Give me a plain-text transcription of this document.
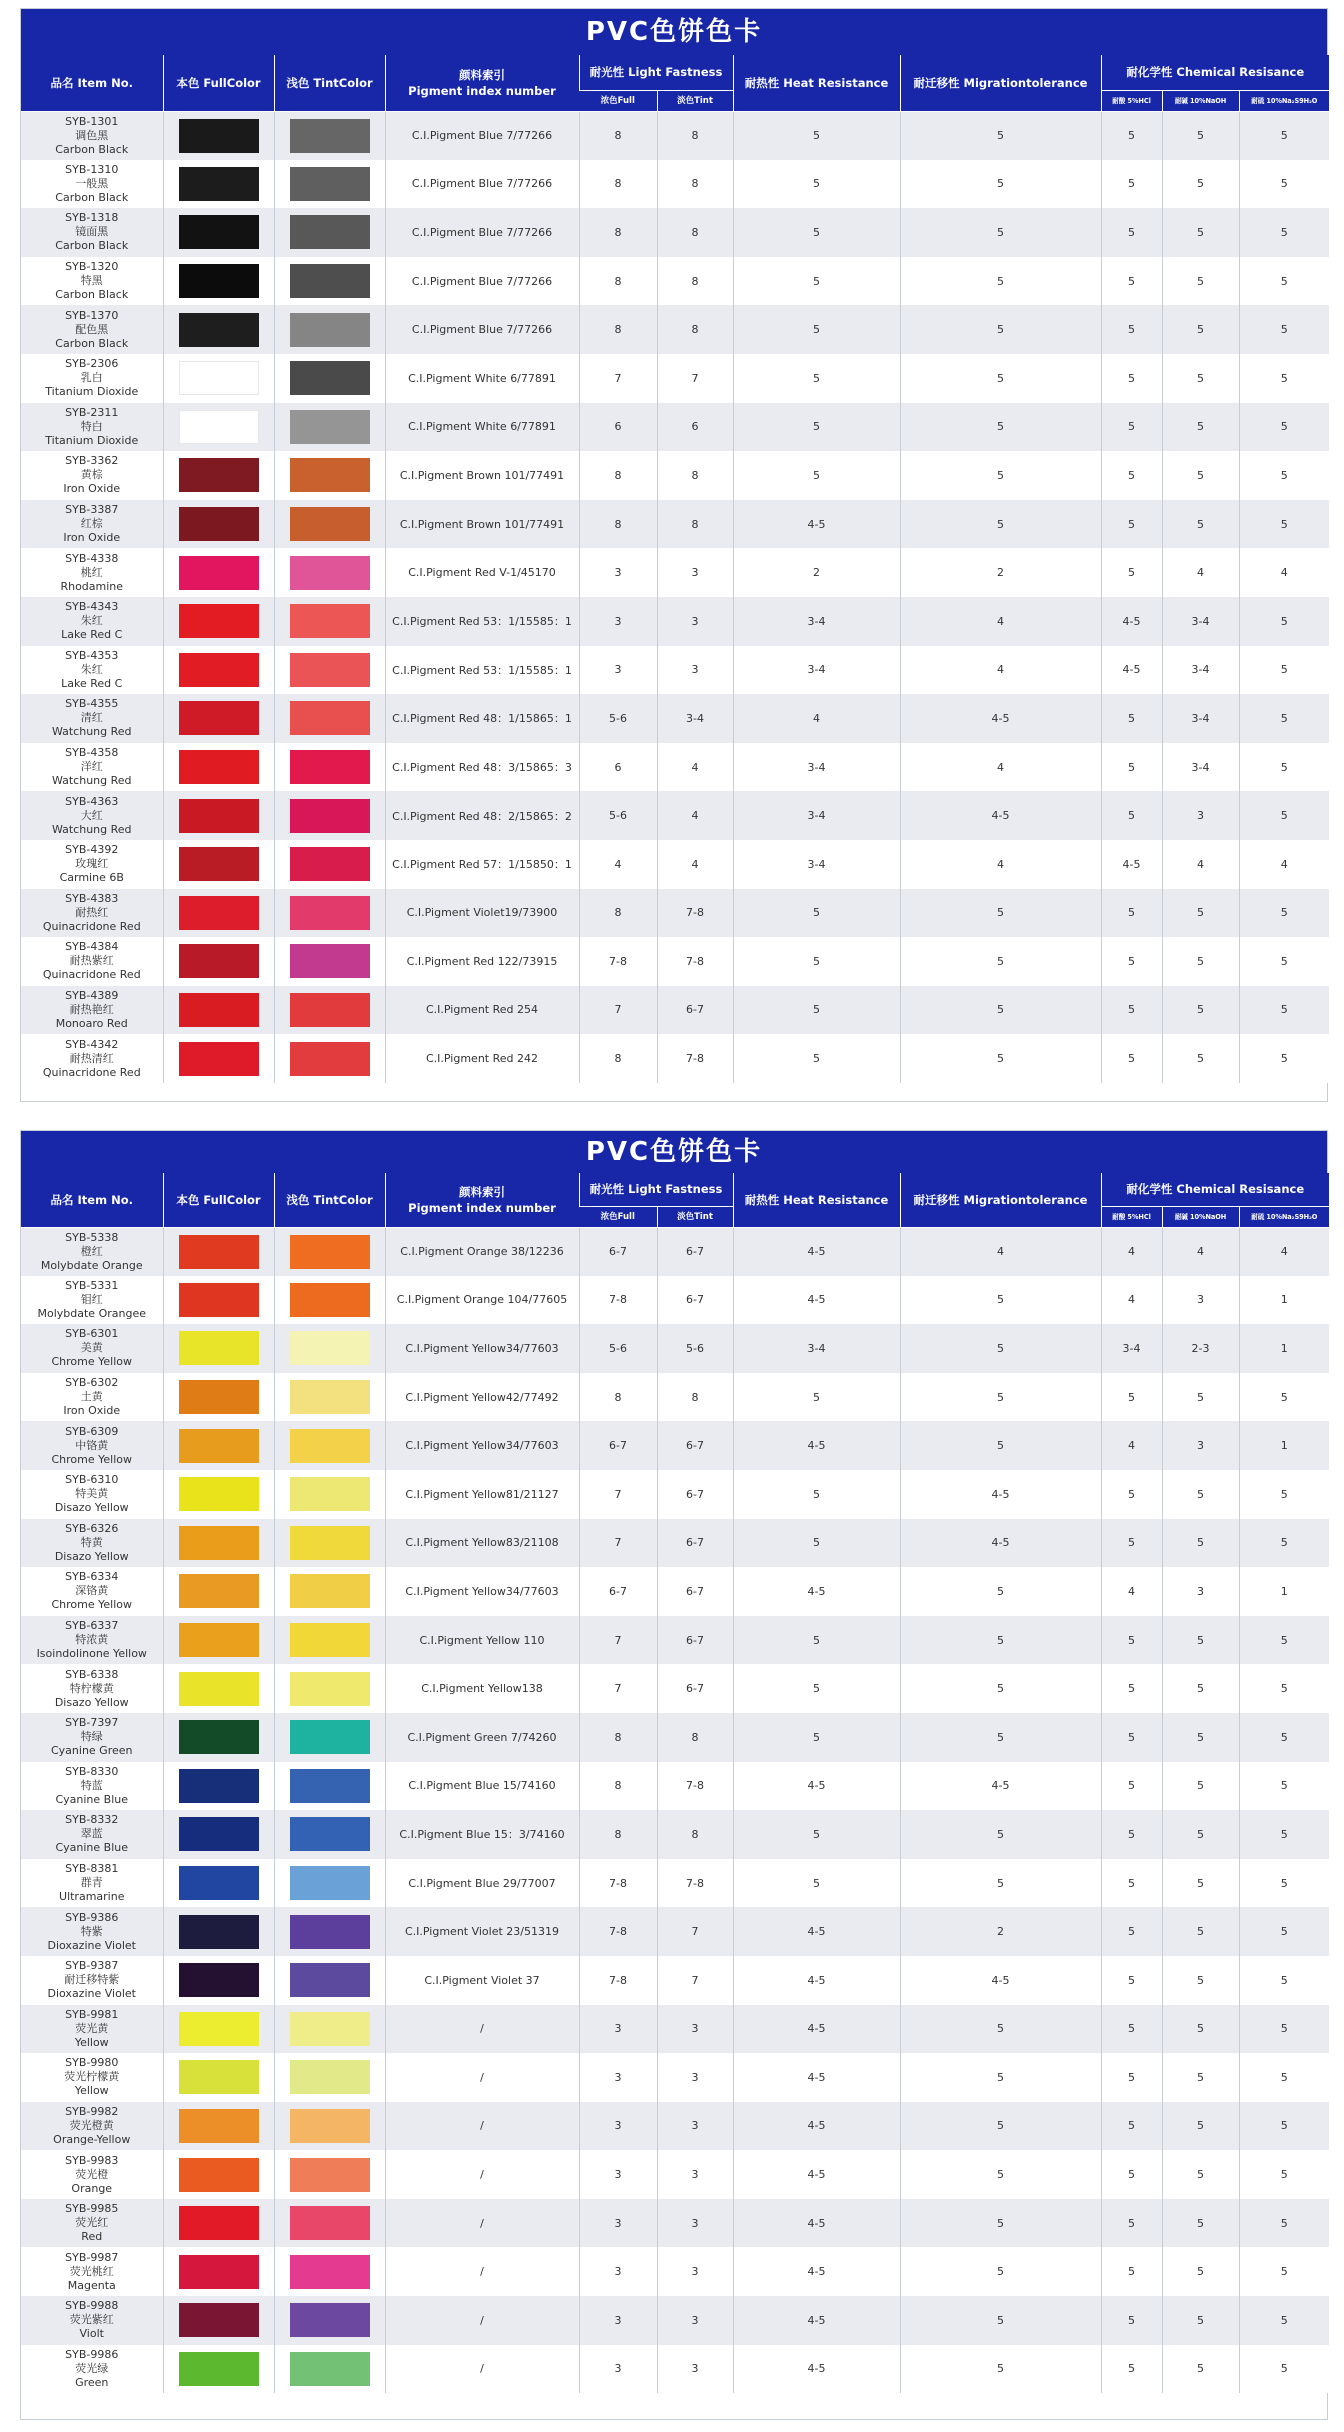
PVC色饼色卡
品名 Item No.	本色 FullColor	浅色 TintColor	颜料索引
Pigment index number	耐光性 Light Fastness		耐热性 Heat Resistance	耐迁移性 Migrationtolerance	耐化学性 Chemical Resisance		
				浓色Full	淡色Tint			耐酸 5%HCl	耐碱 10%NaOH	耐硫 10%Na₂S9H₂O

SYB-1301
调色黑
Carbon Black			C.I.Pigment Blue 7/77266	8	8	5	5	5	5	5

SYB-1310
一般黑
Carbon Black			C.I.Pigment Blue 7/77266	8	8	5	5	5	5	5

SYB-1318
镜面黑
Carbon Black			C.I.Pigment Blue 7/77266	8	8	5	5	5	5	5

SYB-1320
特黑
Carbon Black			C.I.Pigment Blue 7/77266	8	8	5	5	5	5	5

SYB-1370
配色黑
Carbon Black			C.I.Pigment Blue 7/77266	8	8	5	5	5	5	5

SYB-2306
乳白
Titanium Dioxide			C.I.Pigment White 6/77891	7	7	5	5	5	5	5

SYB-2311
特白
Titanium Dioxide			C.I.Pigment White 6/77891	6	6	5	5	5	5	5

SYB-3362
黄棕
Iron Oxide			C.I.Pigment Brown 101/77491	8	8	5	5	5	5	5

SYB-3387
红棕
Iron Oxide			C.I.Pigment Brown 101/77491	8	8	4-5	5	5	5	5

SYB-4338
桃红
Rhodamine			C.I.Pigment Red V-1/45170	3	3	2	2	5	4	4

SYB-4343
朱红
Lake Red C			C.I.Pigment Red 53：1/15585：1	3	3	3-4	4	4-5	3-4	5

SYB-4353
朱红
Lake Red C			C.I.Pigment Red 53：1/15585：1	3	3	3-4	4	4-5	3-4	5

SYB-4355
清红
Watchung Red			C.I.Pigment Red 48：1/15865：1	5-6	3-4	4	4-5	5	3-4	5

SYB-4358
洋红
Watchung Red			C.I.Pigment Red 48：3/15865：3	6	4	3-4	4	5	3-4	5

SYB-4363
大红
Watchung Red			C.I.Pigment Red 48：2/15865：2	5-6	4	3-4	4-5	5	3	5

SYB-4392
玫瑰红
Carmine 6B			C.I.Pigment Red 57：1/15850：1	4	4	3-4	4	4-5	4	4

SYB-4383
耐热红
Quinacridone Red			C.I.Pigment Violet19/73900	8	7-8	5	5	5	5	5

SYB-4384
耐热紫红
Quinacridone Red			C.I.Pigment Red 122/73915	7-8	7-8	5	5	5	5	5

SYB-4389
耐热艳红
Monoaro Red			C.I.Pigment Red 254	7	6-7	5	5	5	5	5

SYB-4342
耐热清红
Quinacridone Red			C.I.Pigment Red 242	8	7-8	5	5	5	5	5
PVC色饼色卡
品名 Item No.	本色 FullColor	浅色 TintColor	颜料索引
Pigment index number	耐光性 Light Fastness		耐热性 Heat Resistance	耐迁移性 Migrationtolerance	耐化学性 Chemical Resisance		
				浓色Full	淡色Tint			耐酸 5%HCl	耐碱 10%NaOH	耐硫 10%Na₂S9H₂O

SYB-5338
橙红
Molybdate Orange			C.I.Pigment Orange 38/12236	6-7	6-7	4-5	4	4	4	4

SYB-5331
钼红
Molybdate Orangee			C.I.Pigment Orange 104/77605	7-8	6-7	4-5	5	4	3	1

SYB-6301
美黄
Chrome Yellow			C.I.Pigment Yellow34/77603	5-6	5-6	3-4	5	3-4	2-3	1

SYB-6302
土黄
Iron Oxide			C.I.Pigment Yellow42/77492	8	8	5	5	5	5	5

SYB-6309
中铬黄
Chrome Yellow			C.I.Pigment Yellow34/77603	6-7	6-7	4-5	5	4	3	1

SYB-6310
特美黄
Disazo Yellow			C.I.Pigment Yellow81/21127	7	6-7	5	4-5	5	5	5

SYB-6326
特黄
Disazo Yellow			C.I.Pigment Yellow83/21108	7	6-7	5	4-5	5	5	5

SYB-6334
深铬黄
Chrome Yellow			C.I.Pigment Yellow34/77603	6-7	6-7	4-5	5	4	3	1

SYB-6337
特浓黄
Isoindolinone Yellow			C.I.Pigment Yellow 110	7	6-7	5	5	5	5	5

SYB-6338
特柠檬黄
Disazo Yellow			C.I.Pigment Yellow138	7	6-7	5	5	5	5	5

SYB-7397
特绿
Cyanine Green			C.I.Pigment Green 7/74260	8	8	5	5	5	5	5

SYB-8330
特蓝
Cyanine Blue			C.I.Pigment Blue 15/74160	8	7-8	4-5	4-5	5	5	5

SYB-8332
翠蓝
Cyanine Blue			C.I.Pigment Blue 15：3/74160	8	8	5	5	5	5	5

SYB-8381
群青
Ultramarine			C.I.Pigment Blue 29/77007	7-8	7-8	5	5	5	5	5

SYB-9386
特紫
Dioxazine Violet			C.I.Pigment Violet 23/51319	7-8	7	4-5	2	5	5	5

SYB-9387
耐迁移特紫
Dioxazine Violet			C.I.Pigment Violet 37	7-8	7	4-5	4-5	5	5	5

SYB-9981
荧光黄
Yellow			/	3	3	4-5	5	5	5	5

SYB-9980
荧光柠檬黄
Yellow			/	3	3	4-5	5	5	5	5

SYB-9982
荧光橙黄
Orange-Yellow			/	3	3	4-5	5	5	5	5

SYB-9983
荧光橙
Orange			/	3	3	4-5	5	5	5	5

SYB-9985
荧光红
Red			/	3	3	4-5	5	5	5	5

SYB-9987
荧光桃红
Magenta			/	3	3	4-5	5	5	5	5

SYB-9988
荧光紫红
Violt			/	3	3	4-5	5	5	5	5

SYB-9986
荧光绿
Green			/	3	3	4-5	5	5	5	5
